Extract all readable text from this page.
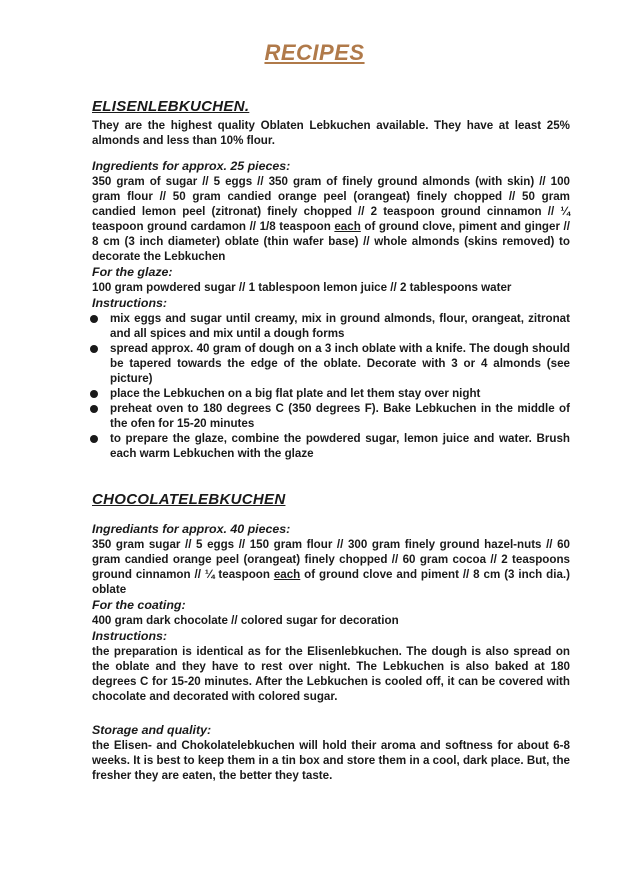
RECIPES
ELISENLEBKUCHEN.

They are the highest quality Oblaten Lebkuchen available. They have at least 25% almonds and less than 10% flour.

Ingredients for approx. 25 pieces:

350 gram of sugar // 5 eggs // 350 gram of finely ground almonds (with skin) // 100 gram flour // 50 gram candied orange peel (orangeat) finely chopped // 50 gram candied lemon peel (zitronat) finely chopped // 2 teaspoon ground cinnamon // ¼ teaspoon ground cardamon // 1/8 teaspoon each of ground clove, piment and ginger // 8 cm (3 inch diameter) oblate (thin wafer base) // whole almonds (skins removed) to decorate the Lebkuchen

For the glaze:

100 gram powdered sugar // 1 tablespoon lemon juice // 2 tablespoons water

Instructions:
mix eggs and sugar until creamy, mix in ground almonds, flour, orangeat, zitronat and all spices and mix until a dough forms
spread approx. 40 gram of dough on a 3 inch oblate with a knife. The dough should be tapered towards the edge of the oblate. Decorate with 3 or 4 almonds (see picture)
place the Lebkuchen on a big flat plate and let them stay over night
preheat oven to 180 degrees C (350 degrees F). Bake Lebkuchen in the middle of the ofen for 15-20 minutes
to prepare the glaze, combine the powdered sugar, lemon juice and water. Brush each warm Lebkuchen with the glaze
CHOCOLATELEBKUCHEN
Ingrediants for approx. 40 pieces:

350 gram sugar // 5 eggs // 150 gram flour // 300 gram finely ground hazel-nuts // 60 gram candied orange peel (orangeat) finely chopped // 60 gram cocoa // 2 teaspoons ground cinnamon // ¼ teaspoon each of ground clove and piment // 8 cm (3 inch dia.) oblate

For the coating:

400 gram dark chocolate // colored sugar for decoration

Instructions:

the preparation is identical as for the Elisenlebkuchen. The dough is also spread on the oblate and they have to rest over night. The Lebkuchen is also baked at 180 degrees C for 15-20 minutes. After the Lebkuchen is cooled off, it can be covered with chocolate and decorated with colored sugar.

Storage and quality:

the Elisen- and Chokolatelebkuchen will hold their aroma and softness for about 6-8 weeks. It is best to keep them in a tin box and store them in a cool, dark place. But, the fresher they are eaten, the better they taste.
